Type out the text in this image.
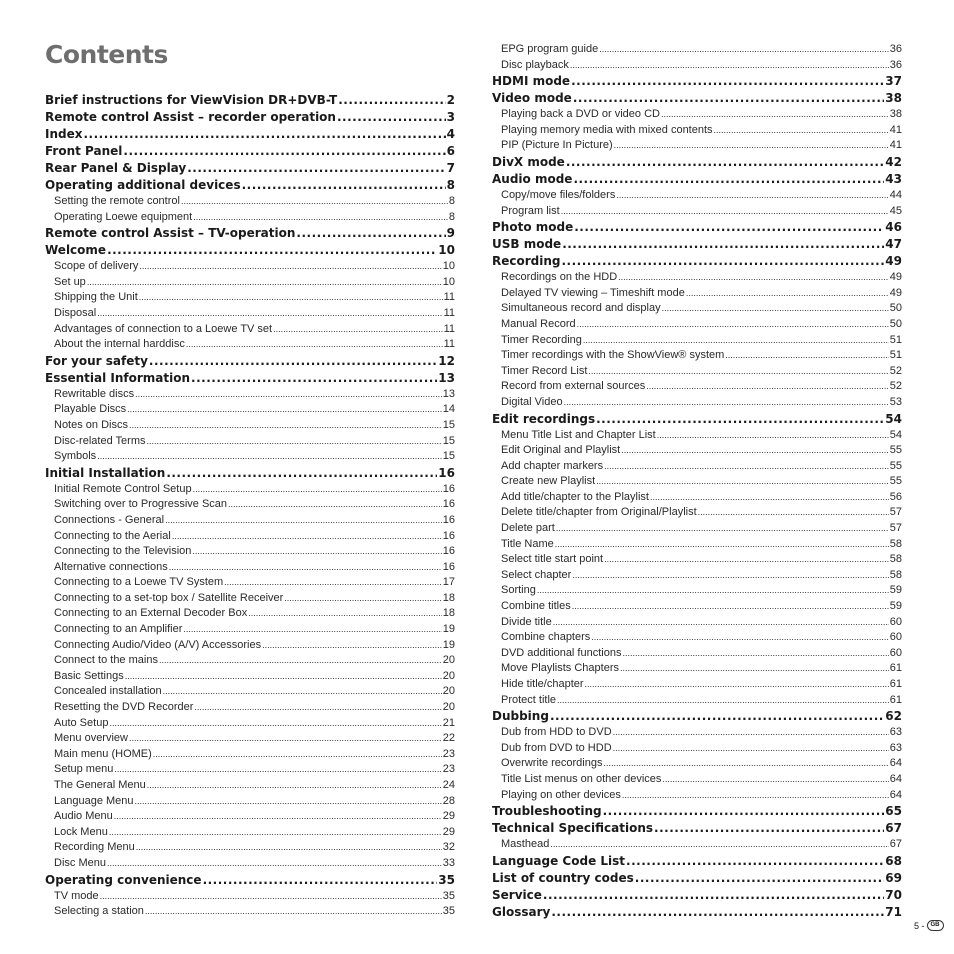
Contents
Brief instructions for ViewVision DR+DVB-T .....	2
Remote control Assist – recorder operation .....	3
Index .....	4
Front Panel .....	6
Rear Panel & Display .....	7
Operating additional devices .....	8
Setting the remote control .....	8
Operating Loewe equipment .....	8
Remote control Assist – TV-operation .....	9
Welcome .....	10
Scope of delivery .....	10
Set up .....	10
Shipping the Unit .....	11
Disposal .....	11
Advantages of connection to a Loewe TV set .....	11
About the internal harddisc .....	11
For your safety .....	12
Essential Information .....	13
Rewritable discs .....	13
Playable Discs .....	14
Notes on Discs .....	15
Disc-related Terms .....	15
Symbols .....	15
Initial Installation .....	16
Initial Remote Control Setup .....	16
Switching over to Progressive Scan .....	16
Connections - General .....	16
Connecting to the Aerial .....	16
Connecting to the Television .....	16
Alternative connections .....	16
Connecting to a Loewe TV System .....	17
Connecting to a set-top box / Satellite Receiver .....	18
Connecting to an External Decoder Box .....	18
Connecting to an Amplifier .....	19
Connecting Audio/Video (A/V) Accessories .....	19
Connect to the mains .....	20
Basic Settings .....	20
Concealed installation .....	20
Resetting the DVD Recorder .....	20
Auto Setup .....	21
Menu overview .....	22
Main menu (HOME) .....	23
Setup menu .....	23
The General Menu .....	24
Language Menu .....	28
Audio Menu .....	29
Lock Menu .....	29
Recording Menu .....	32
Disc Menu .....	33
Operating convenience .....	35
TV mode .....	35
Selecting a station .....	35
EPG program guide .....	36
Disc playback .....	36
HDMI mode .....	37
Video mode .....	38
Playing back a DVD or video CD .....	38
Playing memory media with mixed contents .....	41
PIP (Picture In Picture) .....	41
DivX mode .....	42
Audio mode .....	43
Copy/move files/folders .....	44
Program list .....	45
Photo mode .....	46
USB mode .....	47
Recording .....	49
Recordings on the HDD .....	49
Delayed TV viewing – Timeshift mode .....	49
Simultaneous record and display .....	50
Manual Record .....	50
Timer Recording .....	51
Timer recordings with the ShowView® system .....	51
Timer Record List .....	52
Record from external sources .....	52
Digital Video .....	53
Edit recordings .....	54
Menu Title List and Chapter List .....	54
Edit Original and Playlist .....	55
Add chapter markers .....	55
Create new Playlist .....	55
Add title/chapter to the Playlist .....	56
Delete title/chapter from Original/Playlist .....	57
Delete part .....	57
Title Name .....	58
Select title start point .....	58
Select chapter .....	58
Sorting .....	59
Combine titles .....	59
Divide title .....	60
Combine chapters .....	60
DVD additional functions .....	60
Move Playlists Chapters .....	61
Hide title/chapter .....	61
Protect title .....	61
Dubbing .....	62
Dub from HDD to DVD .....	63
Dub from DVD to HDD .....	63
Overwrite recordings .....	64
Title List menus on other devices .....	64
Playing on other devices .....	64
Troubleshooting .....	65
Technical Specifications .....	67
Masthead .....	67
Language Code List .....	68
List of country codes .....	69
Service .....	70
Glossary .....	71
5 -	GB
